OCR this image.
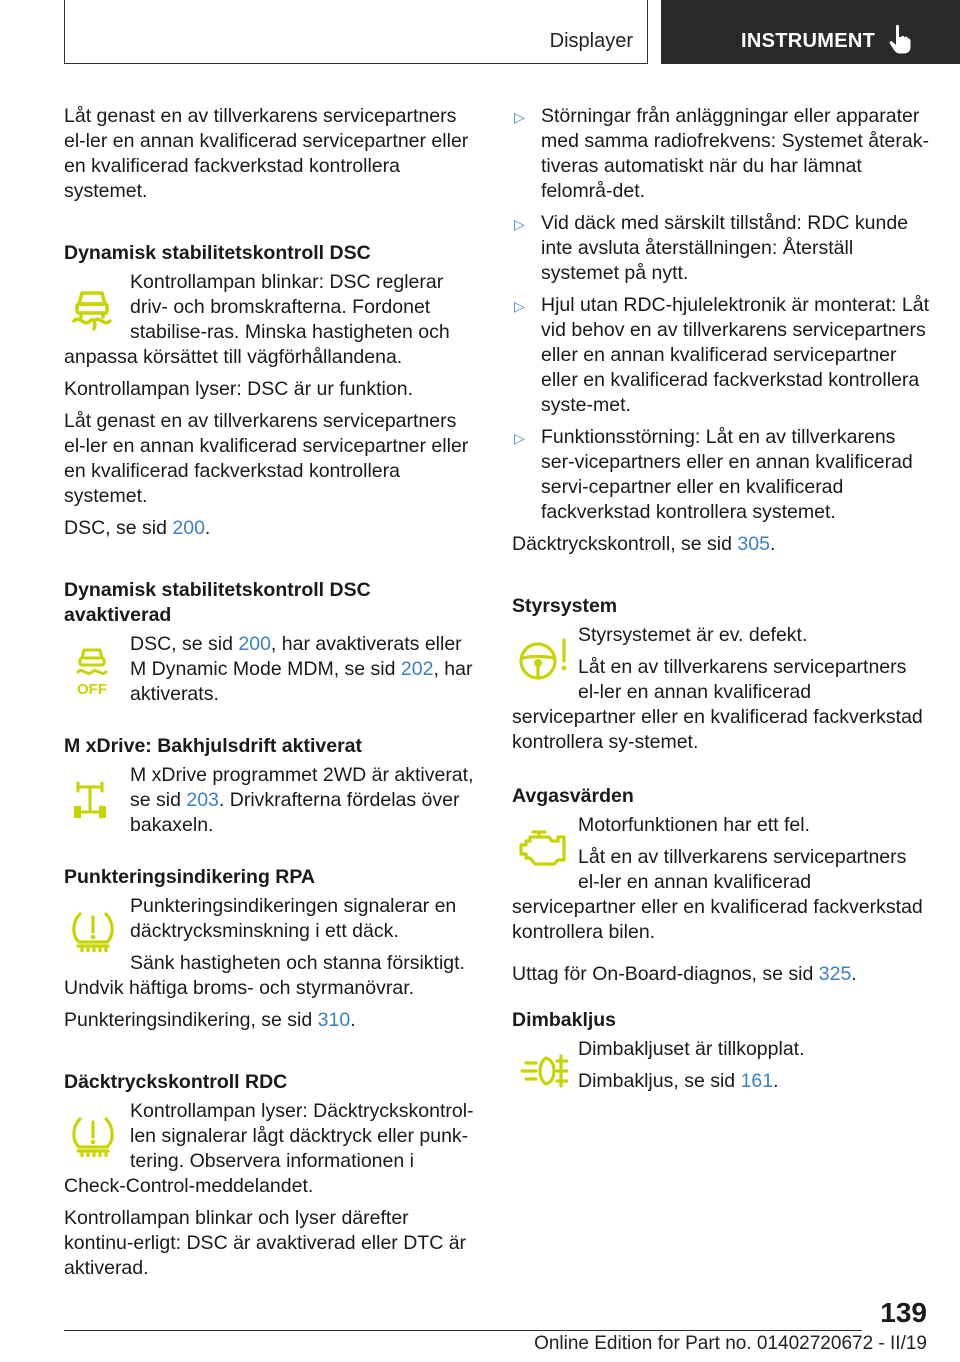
Displayer	INSTRUMENT

Låt genast en av tillverkarens servicepartners el-ler en annan kvalificerad servicepartner eller en kvalificerad fackverkstad kontrollera systemet.

Dynamisk stabilitetskontroll DSC

Kontrollampan blinkar: DSC reglerar driv- och bromskrafterna. Fordonet stabilise-ras. Minska hastigheten och anpassa körsättet till vägförhållandena.

Kontrollampan lyser: DSC är ur funktion.

Låt genast en av tillverkarens servicepartners el-ler en annan kvalificerad servicepartner eller en kvalificerad fackverkstad kontrollera systemet.

DSC, se sid 200.

Dynamisk stabilitetskontroll DSC avaktiverad
OFF

DSC, se sid 200, har avaktiverats eller M Dynamic Mode MDM, se sid 202, har aktiverats.

M xDrive: Bakhjulsdrift aktiverat

M xDrive programmet 2WD är aktiverat, se sid 203. Drivkrafterna fördelas över bakaxeln.

Punkteringsindikering RPA

Punkteringsindikeringen signalerar en däcktrycksminskning i ett däck.

Sänk hastigheten och stanna försiktigt. Undvik häftiga broms- och styrmanövrar.

Punkteringsindikering, se sid 310.

Däcktryckskontroll RDC

Kontrollampan lyser: Däcktryckskontrol-len signalerar lågt däcktryck eller punk-tering. Observera informationen i Check-Control-meddelandet.

Kontrollampan blinkar och lyser därefter kontinu-erligt: DSC är avaktiverad eller DTC är aktiverad.

▷ Störningar från anläggningar eller apparater med samma radiofrekvens: Systemet återak-tiveras automatiskt när du har lämnat felområ-det.
▷ Vid däck med särskilt tillstånd: RDC kunde inte avsluta återställningen: Återställ systemet på nytt.
▷ Hjul utan RDC-hjulelektronik är monterat: Låt vid behov en av tillverkarens servicepartners eller en annan kvalificerad servicepartner eller en kvalificerad fackverkstad kontrollera syste-met.
▷ Funktionsstörning: Låt en av tillverkarens ser-vicepartners eller en annan kvalificerad servi-cepartner eller en kvalificerad fackverkstad kontrollera systemet.

Däcktryckskontroll, se sid 305.

Styrsystem

Styrsystemet är ev. defekt.

Låt en av tillverkarens servicepartners el-ler en annan kvalificerad servicepartner eller en kvalificerad fackverkstad kontrollera sy-stemet.

Avgasvärden

Motorfunktionen har ett fel.

Låt en av tillverkarens servicepartners el-ler en annan kvalificerad servicepartner eller en kvalificerad fackverkstad kontrollera bilen.

Uttag för On-Board-diagnos, se sid 325.

Dimbakljus

Dimbakljuset är tillkopplat.

Dimbakljus, se sid 161.

139
Online Edition for Part no. 01402720672 - II/19
